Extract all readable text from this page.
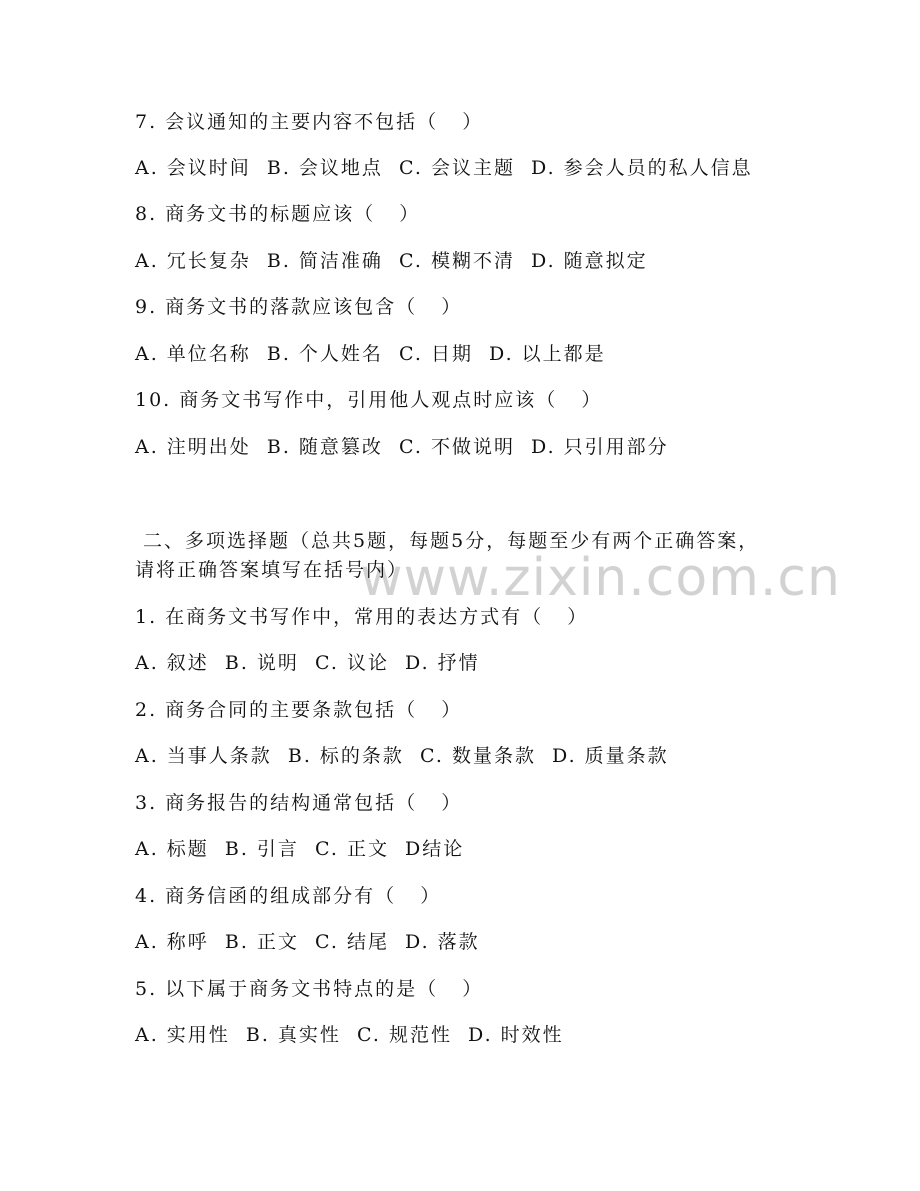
www.zixin.com.cn
7. 会议通知的主要内容不包括（   ）
A. 会议时间  B. 会议地点  C. 会议主题  D. 参会人员的私人信息
8. 商务文书的标题应该（   ）
A. 冗长复杂  B. 简洁准确  C. 模糊不清  D. 随意拟定
9. 商务文书的落款应该包含（   ）
A. 单位名称  B. 个人姓名  C. 日期  D. 以上都是
10. 商务文书写作中，引用他人观点时应该（   ）
A. 注明出处  B. 随意篡改  C. 不做说明  D. 只引用部分
二、多项选择题（总共5题，每题5分，每题至少有两个正确答案，
请将正确答案填写在括号内）
1. 在商务文书写作中，常用的表达方式有（   ）
A. 叙述  B. 说明  C. 议论  D. 抒情
2. 商务合同的主要条款包括（   ）
A. 当事人条款  B. 标的条款  C. 数量条款  D. 质量条款
3. 商务报告的结构通常包括（   ）
A. 标题  B. 引言  C. 正文  D结论
4. 商务信函的组成部分有（   ）
A. 称呼  B. 正文  C. 结尾  D. 落款
5. 以下属于商务文书特点的是（   ）
A. 实用性  B. 真实性  C. 规范性  D. 时效性
